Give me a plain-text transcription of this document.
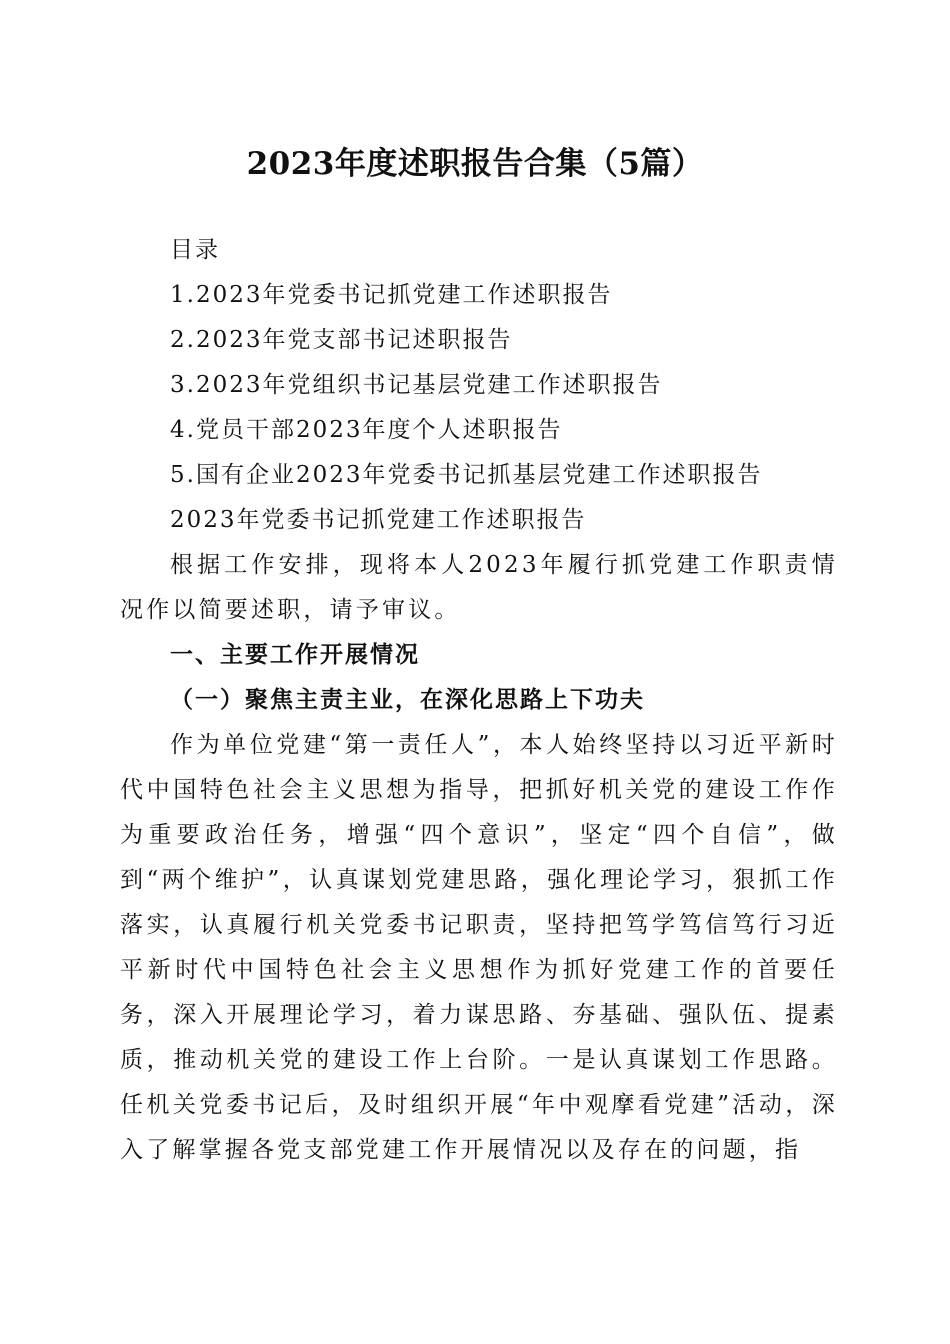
2023年度述职报告合集（5篇）
目录
1.2023年党委书记抓党建工作述职报告
2.2023年党支部书记述职报告
3.2023年党组织书记基层党建工作述职报告
4.党员干部2023年度个人述职报告
5.国有企业2023年党委书记抓基层党建工作述职报告
2023年党委书记抓党建工作述职报告
根据工作安排，现将本人2023年履行抓党建工作职责情况作以简要述职，请予审议。
一、主要工作开展情况
（一）聚焦主责主业，在深化思路上下功夫
作为单位党建“第一责任人”，本人始终坚持以习近平新时代中国特色社会主义思想为指导，把抓好机关党的建设工作作为重要政治任务，增强“四个意识”，坚定“四个自信”，做到“两个维护”，认真谋划党建思路，强化理论学习，狠抓工作落实，认真履行机关党委书记职责，坚持把笃学笃信笃行习近平新时代中国特色社会主义思想作为抓好党建工作的首要任务，深入开展理论学习，着力谋思路、夯基础、强队伍、提素质，推动机关党的建设工作上台阶。一是认真谋划工作思路。任机关党委书记后，及时组织开展“年中观摩看党建”活动，深入了解掌握各党支部党建工作开展情况以及存在的问题，指
